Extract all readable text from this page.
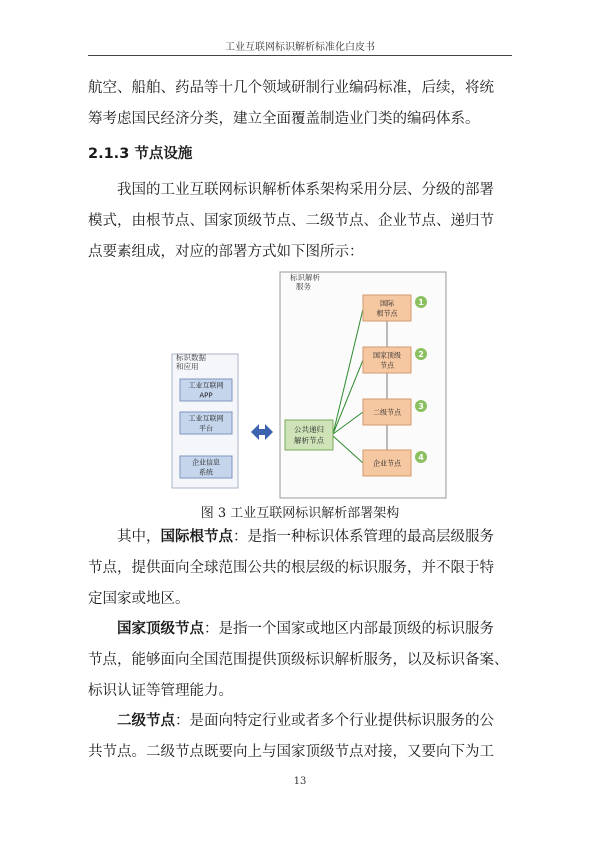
工业互联网标识解析标准化白皮书
航空、船舶、药品等十几个领域研制行业编码标准，后续，将统
筹考虑国民经济分类，建立全面覆盖制造业门类的编码体系。
2.1.3 节点设施
我国的工业互联网标识解析体系架构采用分层、分级的部署
模式，由根节点、国家顶级节点、二级节点、企业节点、递归节
点要素组成，对应的部署方式如下图所示：
标识数据和应用
工业互联网 APP
工业互联网平台
企业信息系统
标识解析服务
国际根节点
1
国家顶级节点
2
二级节点
3
企业节点
4
公共递归解析节点
图 3 工业互联网标识解析部署架构
其中，国际根节点：是指一种标识体系管理的最高层级服务
节点，提供面向全球范围公共的根层级的标识服务，并不限于特
定国家或地区。
国家顶级节点：是指一个国家或地区内部最顶级的标识服务
节点，能够面向全国范围提供顶级标识解析服务，以及标识备案、
标识认证等管理能力。
二级节点：是面向特定行业或者多个行业提供标识服务的公
共节点。二级节点既要向上与国家顶级节点对接，又要向下为工
13
